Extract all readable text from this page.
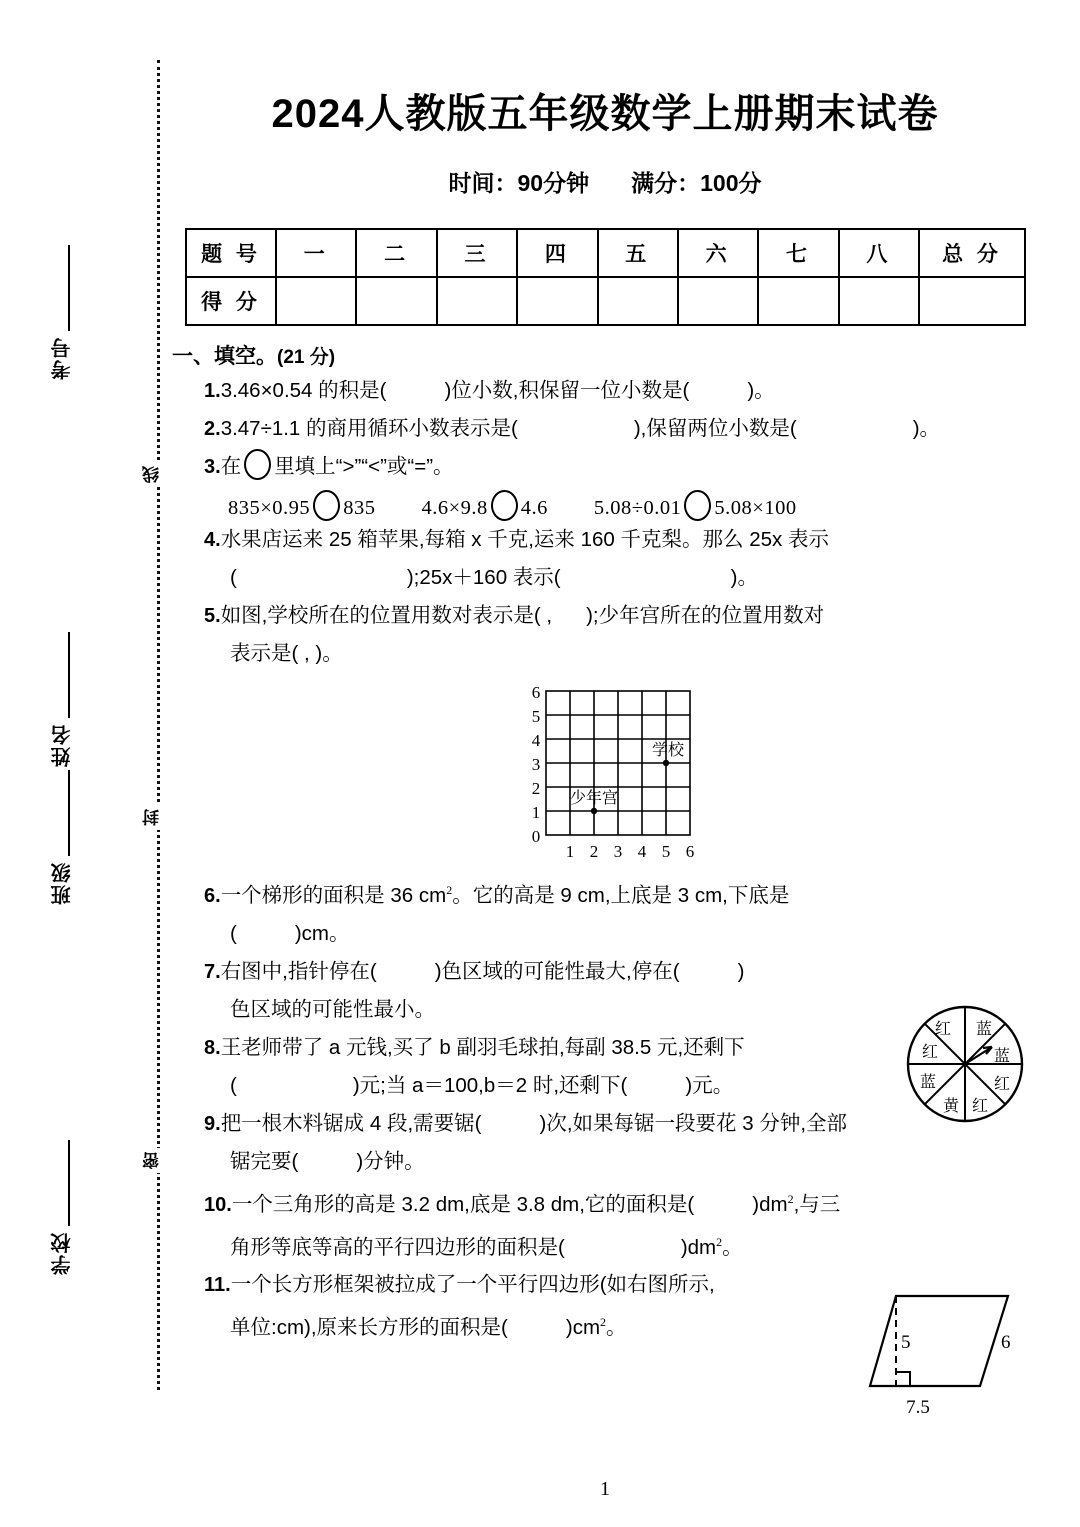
考号
姓名
班级
学校
线
封
密
2024人教版五年级数学上册期末试卷
时间：90分钟 满分：100分
题 号	一	二	三	四	五	六	七	八	总 分
得 分									
一、填空。(21 分)
1.3.46×0.54 的积是(	)位小数,积保留一位小数是(	)。
2.3.47÷1.1 的商用循环小数表示是(	),保留两位小数是(	)。
3.在 里填上“>”“<”或“=”。
835×0.95 835 4.6×9.8 4.6 5.08÷0.01 5.08×100
4.水果店运来 25 箱苹果,每箱 x 千克,运来 160 千克梨。那么 25x 表示
(	);25x＋160 表示(	)。
5.如图,学校所在的位置用数对表示是( , );少年宫所在的位置用数对
表示是( , )。
6
5
4
3
2
1
0
1 2 3 4 5 6
学校
少年宫
6.一个梯形的面积是 36 $cm^2$。它的高是 9 cm,上底是 3 cm,下底是
(	)cm。
7.右图中,指针停在(	)色区域的可能性最大,停在(	)
色区域的可能性最小。
8.王老师带了 a 元钱,买了 b 副羽毛球拍,每副 38.5 元,还剩下
(	)元;当 a＝100,b＝2 时,还剩下(	)元。
9.把一根木料锯成 4 段,需要锯(	)次,如果每锯一段要花 3 分钟,全部
锯完要(	)分钟。
10.一个三角形的高是 3.2 dm,底是 3.8 dm,它的面积是(	)$dm^2$,与三
角形等底等高的平行四边形的面积是(	)$dm^2$。
11.一个长方形框架被拉成了一个平行四边形(如右图所示,
单位:cm),原来长方形的面积是(	)$cm^2$。
红 蓝
红	蓝
蓝	红
黄 红
5	6
7.5
1
